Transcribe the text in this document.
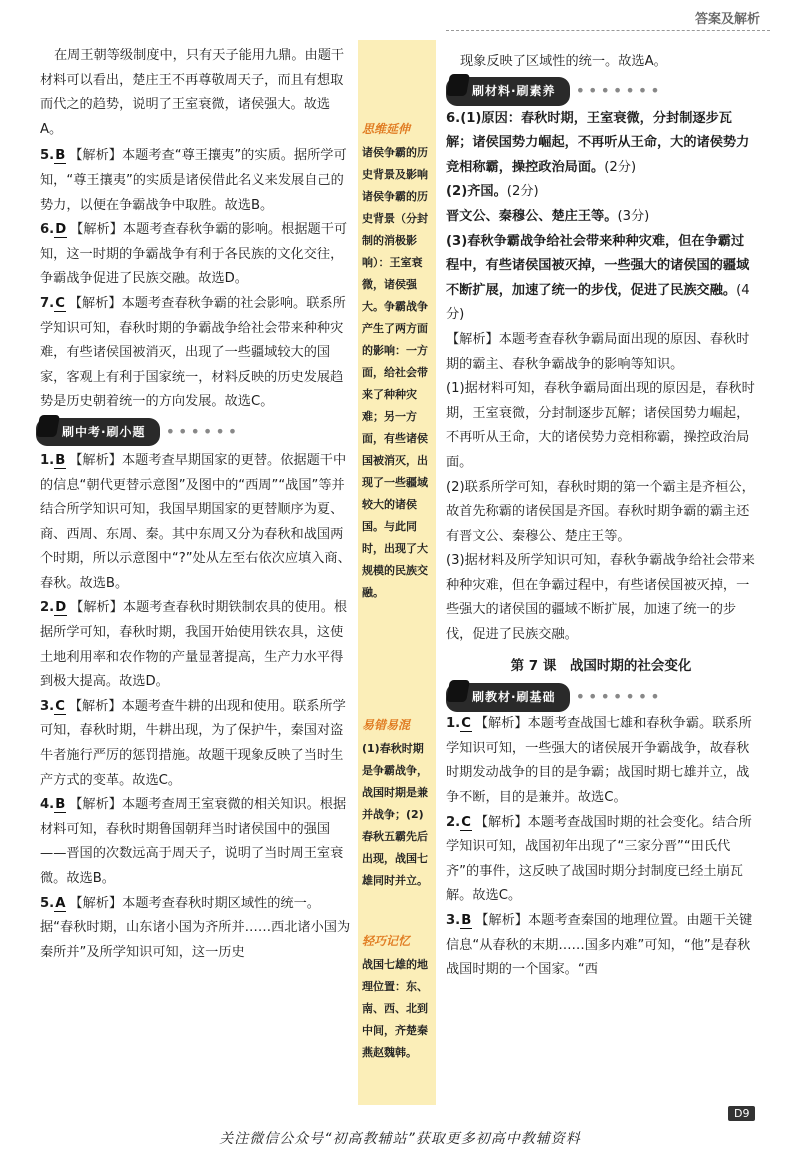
答案及解析
思维延伸
诸侯争霸的历史背景及影响诸侯争霸的历史背景（分封制的消极影响）：王室衰微，诸侯强大。争霸战争产生了两方面的影响：一方面，给社会带来了种种灾难；另一方面，有些诸侯国被消灭，出现了一些疆域较大的诸侯国。与此同时，出现了大规模的民族交融。
易错易混
(1)春秋时期是争霸战争，战国时期是兼并战争；(2)春秋五霸先后出现，战国七雄同时并立。
轻巧记忆
战国七雄的地理位置：东、南、西、北到中间，齐楚秦燕赵魏韩。

在周王朝等级制度中，只有天子能用九鼎。由题干材料可以看出，楚庄王不再尊敬周天子，而且有想取而代之的趋势，说明了王室衰微，诸侯强大。故选A。

5.B 【解析】本题考查“尊王攘夷”的实质。据所学可知，“尊王攘夷”的实质是诸侯借此名义来发展自己的势力，以便在争霸战争中取胜。故选B。

6.D 【解析】本题考查春秋争霸的影响。根据题干可知，这一时期的争霸战争有利于各民族的文化交往，争霸战争促进了民族交融。故选D。

7.C 【解析】本题考查春秋争霸的社会影响。联系所学知识可知，春秋时期的争霸战争给社会带来种种灾难，有些诸侯国被消灭，出现了一些疆域较大的国家，客观上有利于国家统一，材料反映的历史发展趋势是历史朝着统一的方向发展。故选C。

刷中考·刷小题	••••••

1.B 【解析】本题考查早期国家的更替。依据题干中的信息“朝代更替示意图”及图中的“西周”“战国”等并结合所学知识可知，我国早期国家的更替顺序为夏、商、西周、东周、秦。其中东周又分为春秋和战国两个时期，所以示意图中“?”处从左至右依次应填入商、春秋。故选B。

2.D 【解析】本题考查春秋时期铁制农具的使用。根据所学可知，春秋时期，我国开始使用铁农具，这使土地利用率和农作物的产量显著提高，生产力水平得到极大提高。故选D。

3.C 【解析】本题考查牛耕的出现和使用。联系所学可知，春秋时期，牛耕出现，为了保护牛，秦国对盗牛者施行严厉的惩罚措施。故题干现象反映了当时生产方式的变革。故选C。

4.B 【解析】本题考查周王室衰微的相关知识。根据材料可知，春秋时期鲁国朝拜当时诸侯国中的强国——晋国的次数远高于周天子，说明了当时周王室衰微。故选B。

5.A 【解析】本题考查春秋时期区域性的统一。据“春秋时期，山东诸小国为齐所并……西北诸小国为秦所并”及所学知识可知，这一历史

现象反映了区域性的统一。故选A。

刷材料·刷素养	•••••••

6.(1)原因：春秋时期，王室衰微，分封制逐步瓦解；诸侯国势力崛起，不再听从王命，大的诸侯势力竞相称霸，操控政治局面。(2分)

(2)齐国。(2分)

晋文公、秦穆公、楚庄王等。(3分)

(3)春秋争霸战争给社会带来种种灾难，但在争霸过程中，有些诸侯国被灭掉，一些强大的诸侯国的疆域不断扩展，加速了统一的步伐，促进了民族交融。(4分)

【解析】本题考查春秋争霸局面出现的原因、春秋时期的霸主、春秋争霸战争的影响等知识。

(1)据材料可知，春秋争霸局面出现的原因是，春秋时期，王室衰微，分封制逐步瓦解；诸侯国势力崛起，不再听从王命，大的诸侯势力竞相称霸，操控政治局面。

(2)联系所学可知，春秋时期的第一个霸主是齐桓公，故首先称霸的诸侯国是齐国。春秋时期争霸的霸主还有晋文公、秦穆公、楚庄王等。

(3)据材料及所学知识可知，春秋争霸战争给社会带来种种灾难，但在争霸过程中，有些诸侯国被灭掉，一些强大的诸侯国的疆域不断扩展，加速了统一的步伐，促进了民族交融。

第 7 课　战国时期的社会变化

刷教材·刷基础	•••••••

1.C 【解析】本题考查战国七雄和春秋争霸。联系所学知识可知，一些强大的诸侯展开争霸战争，故春秋时期发动战争的目的是争霸；战国时期七雄并立，战争不断，目的是兼并。故选C。

2.C 【解析】本题考查战国时期的社会变化。结合所学知识可知，战国初年出现了“三家分晋”“田氏代齐”的事件，这反映了战国时期分封制度已经土崩瓦解。故选C。

3.B 【解析】本题考查秦国的地理位置。由题干关键信息“从春秋的末期……国多内难”可知，“他”是春秋战国时期的一个国家。“西

D9
关注微信公众号“初高教辅站”获取更多初高中教辅资料
